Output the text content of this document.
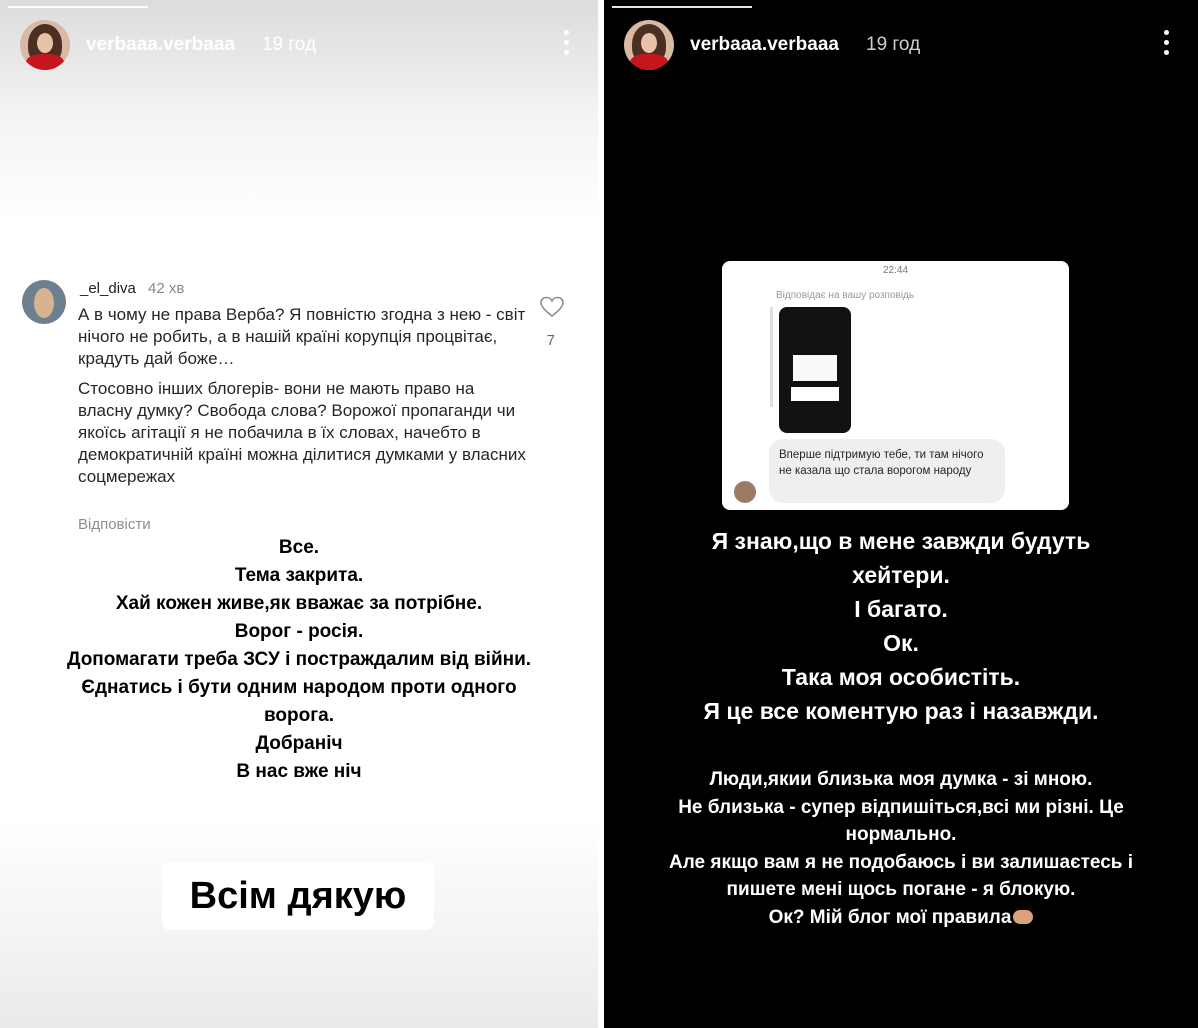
verbaaa.verbaaa 19 год
_el_diva 42 хв

А в чому не права Верба? Я повністю згодна з нею - світ нічого не робить, а в нашій країні корупція процвітає, крадуть дай боже…

Стосовно інших блогерів- вони не мають право на власну думку? Свобода слова? Ворожої пропаганди чи якоїсь агітації я не побачила в їх словах, начебто в демократичній країні можна ділитися думками у власних соцмережах

7
Відповісти
Все.
Тема закрита.
Хай кожен живе,як вважає за потрібне.
Ворог - росія.
Допомагати треба ЗСУ і постраждалим від війни.
Єднатись і бути одним народом проти одного
ворога.
Добраніч
В нас вже ніч
Всім дякую
verbaaa.verbaaa 19 год
22:44
Відповідає на вашу розповідь
Вперше підтримую тебе, ти там нічого не казала що стала ворогом народу
Я знаю,що в мене завжди будуть
хейтери.
І багато.
Ок.
Така моя особистіть.
Я це все коментую раз і назавжди.
Люди,якии близька моя думка - зі мною.
Не близька - супер відпишіться,всі ми різні. Це
нормально.
Але якщо вам я не подобаюсь і ви залишаєтесь і
пишете мені щось погане - я блокую.
Ок? Мій блог мої правила
